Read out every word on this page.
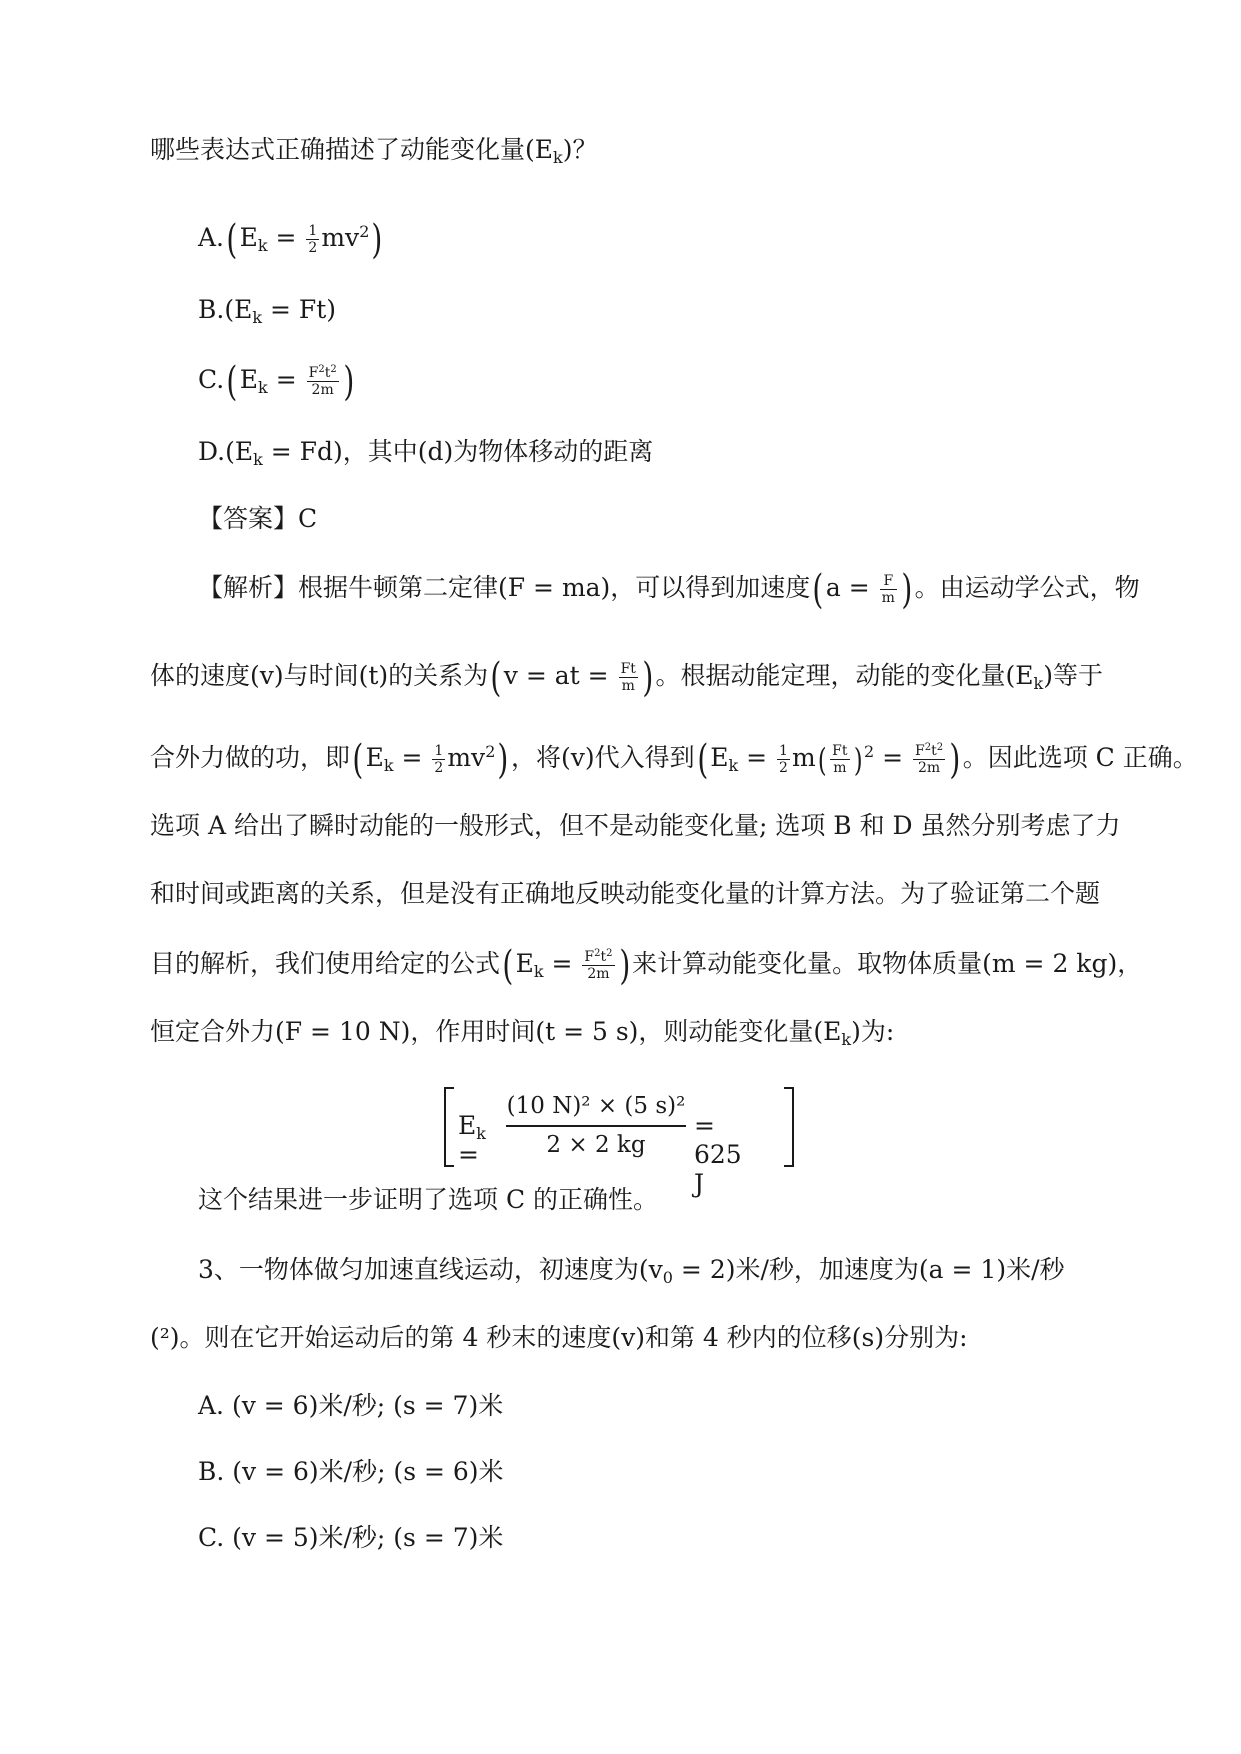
哪些表达式正确描述了动能变化量$(E_k)$？
$A.(E_k = \frac{1}{2} mv^2)$
$B.(E_k = Ft)$
$C.(E_k = \frac{F^2t^2}{2m}$ )
$D.(E_k = Fd)$，其中(d)为物体移动的距离
【答案】C
【解析】根据牛顿第二定律(F = ma)，可以得到加速度($a = \frac{F}{m}$ )。由运动学公式，物
体的速度(v)与时间(t)的关系为(v = at = $\frac{Ft}{m}$ )。根据动能定理，动能的变化量$(E_k)$等于
合外力做的功，即$(E_k = \frac{1}{2} mv^2)$，将(v)代入得到($E_k = \frac{1}{2} m( \frac{Ft}{m}$ ) $^2 = \frac{F^2t^2}{2m}$ )。因此选项 C 正确。
选项 A 给出了瞬时动能的一般形式，但不是动能变化量; 选项 B 和 D 虽然分别考虑了力
和时间或距离的关系，但是没有正确地反映动能变化量的计算方法。为了验证第二个题
目的解析，我们使用给定的公式($E_k = \frac{F^2t^2}{2m}$ )来计算动能变化量。取物体质量(m = 2 kg)，
恒定合外力(F = 10 N)，作用时间(t = 5 s)，则动能变化量$(E_k)$为:
$E_k$ =	$\frac{\text{(10 N)² × (5 s)²}}{2 \times 2 kg} = 625$ J
这个结果进一步证明了选项 C 的正确性。
3、一物体做匀加速直线运动，初速度为$(v_0 = 2)$米/秒，加速度为(a = 1)米/秒
(²)。则在它开始运动后的第 4 秒末的速度(v)和第 4 秒内的位移(s)分别为:
A. (v = 6)米/秒; (s = 7)米
B. (v = 6)米/秒; (s = 6)米
C. (v = 5)米/秒; (s = 7)米
